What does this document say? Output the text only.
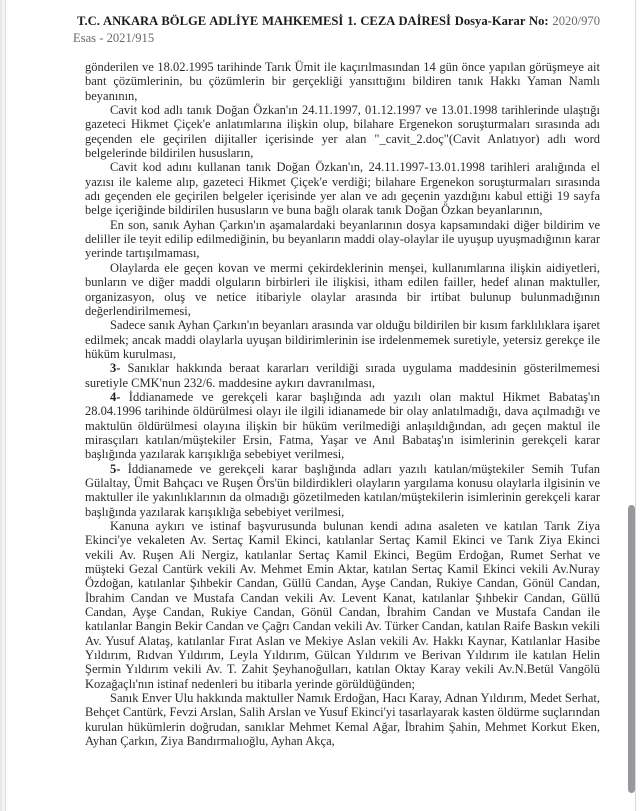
T.C. ANKARA BÖLGE ADLİYE MAHKEMESİ 1. CEZA DAİRESİ Dosya-Karar No: 2020/970 Esas - 2021/915

gönderilen ve 18.02.1995 tarihinde Tarık Ümit ile kaçırılmasından 14 gün önce yapılan görüşmeye ait bant çözümlerinin, bu çözümlerin bir gerçekliği yansıttığını bildiren tanık Hakkı Yaman Namlı beyanının,

Cavit kod adlı tanık Doğan Özkan'ın 24.11.1997, 01.12.1997 ve 13.01.1998 tarihlerinde ulaştığı gazeteci Hikmet Çiçek'e anlatımlarına ilişkin olup, bilahare Ergenekon soruşturmaları sırasında adı geçenden ele geçirilen dijitaller içerisinde yer alan "_cavit_2.doç"(Cavit Anlatıyor) adlı word belgelerinde bildirilen hususların,

Cavit kod adını kullanan tanık Doğan Özkan'ın, 24.11.1997-13.01.1998 tarihleri aralığında el yazısı ile kaleme alıp, gazeteci Hikmet Çiçek'e verdiği; bilahare Ergenekon soruşturmaları sırasında adı geçenden ele geçirilen belgeler içerisinde yer alan ve adı geçenin yazdığını kabul ettiği 19 sayfa belge içeriğinde bildirilen hususların ve buna bağlı olarak tanık Doğan Özkan beyanlarının,

En son, sanık Ayhan Çarkın'ın aşamalardaki beyanlarının dosya kapsamındaki diğer bildirim ve deliller ile teyit edilip edilmediğinin, bu beyanların maddi olay-olaylar ile uyuşup uyuşmadığının karar yerinde tartışılmaması,

Olaylarda ele geçen kovan ve mermi çekirdeklerinin menşei, kullanımlarına ilişkin aidiyetleri, bunların ve diğer maddi olguların birbirleri ile ilişkisi, itham edilen failler, hedef alınan maktuller, organizasyon, oluş ve netice itibariyle olaylar arasında bir irtibat bulunup bulunmadığının değerlendirilmemesi,

Sadece sanık Ayhan Çarkın'ın beyanları arasında var olduğu bildirilen bir kısım farklılıklara işaret edilmek; ancak maddi olaylarla uyuşan bildirimlerinin ise irdelenmemek suretiyle, yetersiz gerekçe ile hüküm kurulması,

3- Sanıklar hakkında beraat kararları verildiği sırada uygulama maddesinin gösterilmemesi suretiyle CMK'nun 232/6. maddesine aykırı davranılması,

4- İddianamede ve gerekçeli karar başlığında adı yazılı olan maktul Hikmet Babataş'ın 28.04.1996 tarihinde öldürülmesi olayı ile ilgili idianamede bir olay anlatılmadığı, dava açılmadığı ve maktulün öldürülmesi olayına ilişkin bir hüküm verilmediği anlaşıldığından, adı geçen maktul ile mirasçıları katılan/müştekiler Ersin, Fatma, Yaşar ve Anıl Babataş'ın isimlerinin gerekçeli karar başlığında yazılarak karışıklığa sebebiyet verilmesi,

5- İddianamede ve gerekçeli karar başlığında adları yazılı katılan/müştekiler Semih Tufan Gülaltay, Ümit Bahçacı ve Ruşen Örs'ün bildirdikleri olayların yargılama konusu olaylarla ilgisinin ve maktuller ile yakınlıklarının da olmadığı gözetilmeden katılan/müştekilerin isimlerinin gerekçeli karar başlığında yazılarak karışıklığa sebebiyet verilmesi,

Kanuna aykırı ve istinaf başvurusunda bulunan kendi adına asaleten ve katılan Tarık Ziya Ekinci'ye vekaleten Av. Sertaç Kamil Ekinci, katılanlar Sertaç Kamil Ekinci ve Tarık Ziya Ekinci vekili Av. Ruşen Ali Nergiz, katılanlar Sertaç Kamil Ekinci, Begüm Erdoğan, Rumet Serhat ve müşteki Gezal Cantürk vekili Av. Mehmet Emin Aktar, katılan Sertaç Kamil Ekinci vekili Av.Nuray Özdoğan, katılanlar Şıhbekir Candan, Güllü Candan, Ayşe Candan, Rukiye Candan, Gönül Candan, İbrahim Candan ve Mustafa Candan vekili Av. Levent Kanat, katılanlar Şıhbekir Candan, Güllü Candan, Ayşe Candan, Rukiye Candan, Gönül Candan, İbrahim Candan ve Mustafa Candan ile katılanlar Bangin Bekir Candan ve Çağrı Candan vekili Av. Türker Candan, katılan Raife Baskın vekili Av. Yusuf Alataş, katılanlar Fırat Aslan ve Mekiye Aslan vekili Av. Hakkı Kaynar, Katılanlar Hasibe Yıldırım, Rıdvan Yıldırım, Leyla Yıldırım, Gülcan Yıldırım ve Berivan Yıldırım ile katılan Helin Şermin Yıldırım vekili Av. T. Zahit Şeyhanoğulları, katılan Oktay Karay vekili Av.N.Betül Vangölü Kozağaçlı'nın istinaf nedenleri bu itibarla yerinde görüldüğünden;

Sanık Enver Ulu hakkında maktuller Namık Erdoğan, Hacı Karay, Adnan Yıldırım, Medet Serhat, Behçet Cantürk, Fevzi Arslan, Salih Arslan ve Yusuf Ekinci'yi tasarlayarak kasten öldürme suçlarından kurulan hükümlerin doğrudan, sanıklar Mehmet Kemal Ağar, İbrahim Şahin, Mehmet Korkut Eken, Ayhan Çarkın, Ziya Bandırmalıoğlu, Ayhan Akça,
